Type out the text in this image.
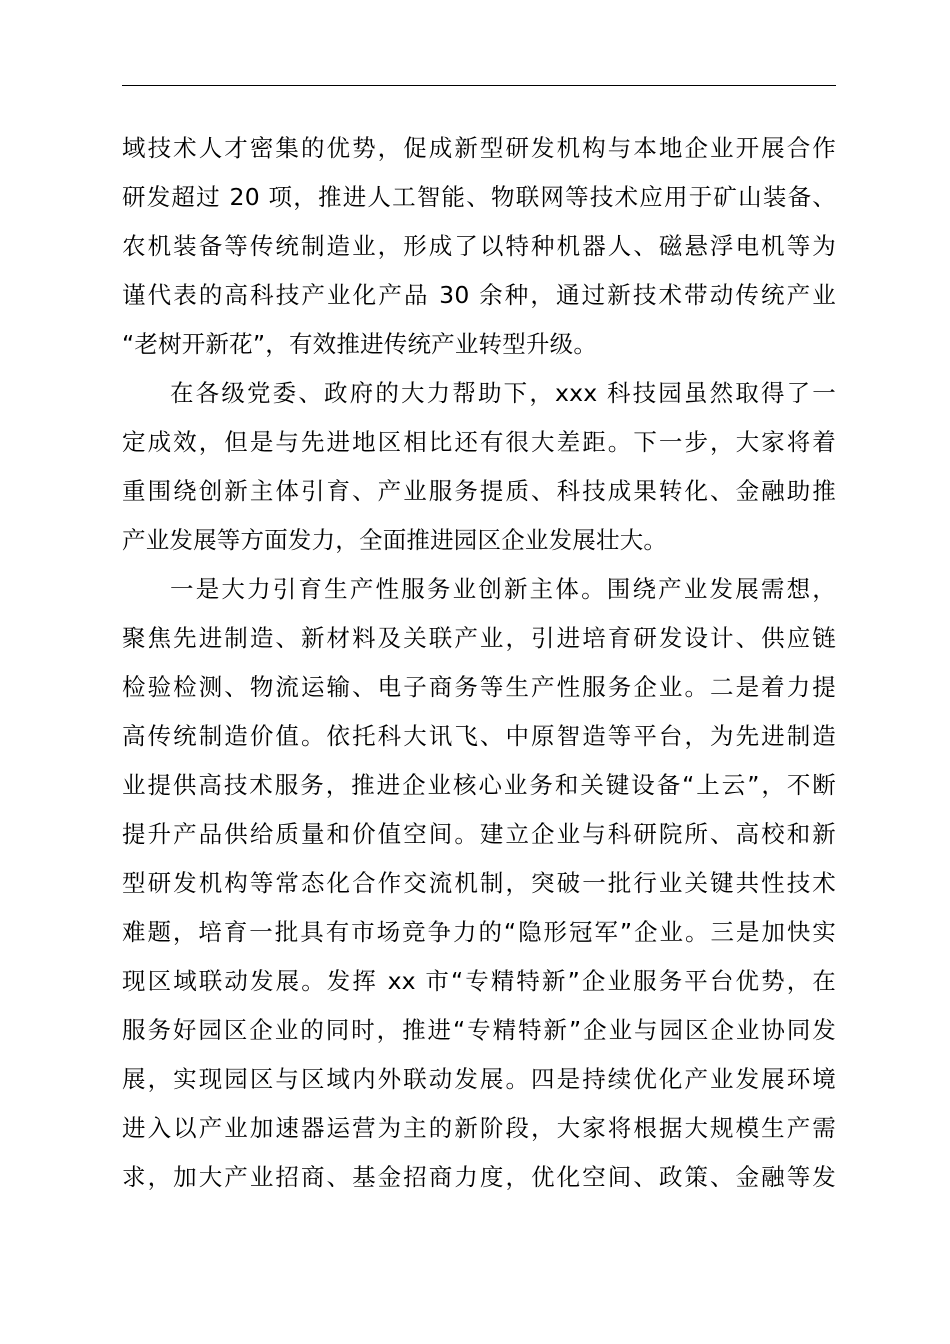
域技术人才密集的优势，促成新型研发机构与本地企业开展合作
研发超过 20 项，推进人工智能、物联网等技术应用于矿山装备、
农机装备等传统制造业，形成了以特种机器人、磁悬浮电机等为
谨代表的高科技产业化产品 30 余种，通过新技术带动传统产业
“老树开新花”，有效推进传统产业转型升级。
在各级党委、政府的大力帮助下，xxx 科技园虽然取得了一
定成效，但是与先进地区相比还有很大差距。下一步，大家将着
重围绕创新主体引育、产业服务提质、科技成果转化、金融助推
产业发展等方面发力，全面推进园区企业发展壮大。
一是大力引育生产性服务业创新主体。围绕产业发展需想，
聚焦先进制造、新材料及关联产业，引进培育研发设计、供应链
检验检测、物流运输、电子商务等生产性服务企业。二是着力提
高传统制造价值。依托科大讯飞、中原智造等平台，为先进制造
业提供高技术服务，推进企业核心业务和关键设备“上云”，不断
提升产品供给质量和价值空间。建立企业与科研院所、高校和新
型研发机构等常态化合作交流机制，突破一批行业关键共性技术
难题，培育一批具有市场竞争力的“隐形冠军”企业。三是加快实
现区域联动发展。发挥 xx 市“专精特新”企业服务平台优势，在
服务好园区企业的同时，推进“专精特新”企业与园区企业协同发
展，实现园区与区域内外联动发展。四是持续优化产业发展环境
进入以产业加速器运营为主的新阶段，大家将根据大规模生产需
求，加大产业招商、基金招商力度，优化空间、政策、金融等发
